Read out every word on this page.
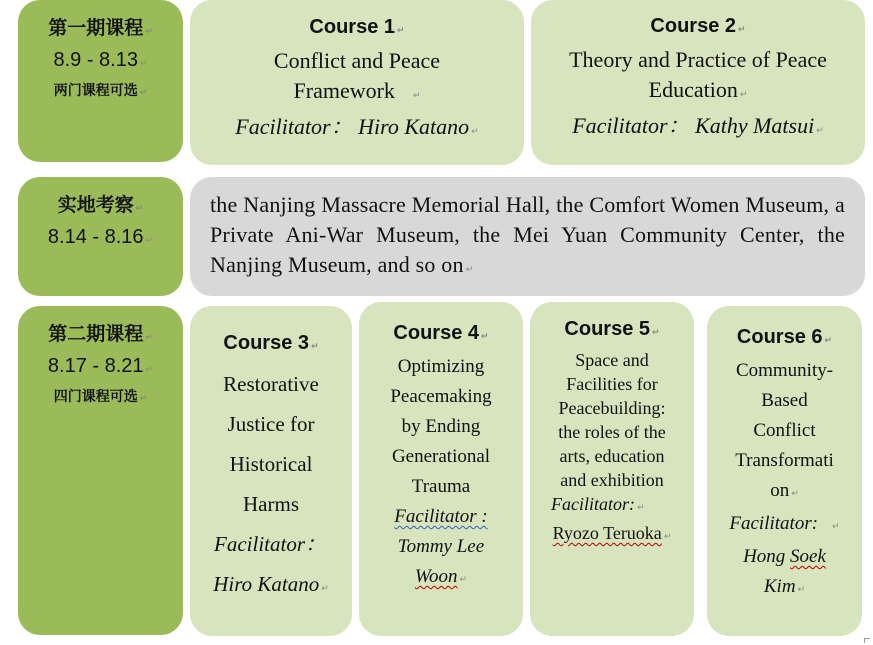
第一期课程 ↵
8.9 - 8.13 ↵
两门课程可选 ↵
Course 1 ↵
Conflict and Peace
Framework ↵
Facilitator： Hiro Katano ↵
Course 2 ↵
Theory and Practice of Peace
Education ↵
Facilitator： Kathy Matsui ↵
实地考察 ↵
8.14 - 8.16 ↵

the Nanjing Massacre Memorial Hall, the Comfort Women Museum, a Private Ani-War Museum, the Mei Yuan Community Center, the Nanjing Museum, and so on ↵

第二期课程 ↵
8.17 - 8.21 ↵
四门课程可选 ↵
Course 3 ↵
Restorative
Justice for
Historical
Harms
Facilitator：
Hiro Katano ↵
Course 4 ↵
Optimizing
Peacemaking
by Ending
Generational
Trauma
Facilitator :
Tommy Lee
Woon ↵
Course 5 ↵
Space and
Facilities for
Peacebuilding:
the roles of the
arts, education
and exhibition
Facilitator: ↵
Ryozo Teruoka ↵
Course 6 ↵
Community-
Based
Conflict
Transformati
on ↵
Facilitator: ↵
Hong Soek
Kim ↵
